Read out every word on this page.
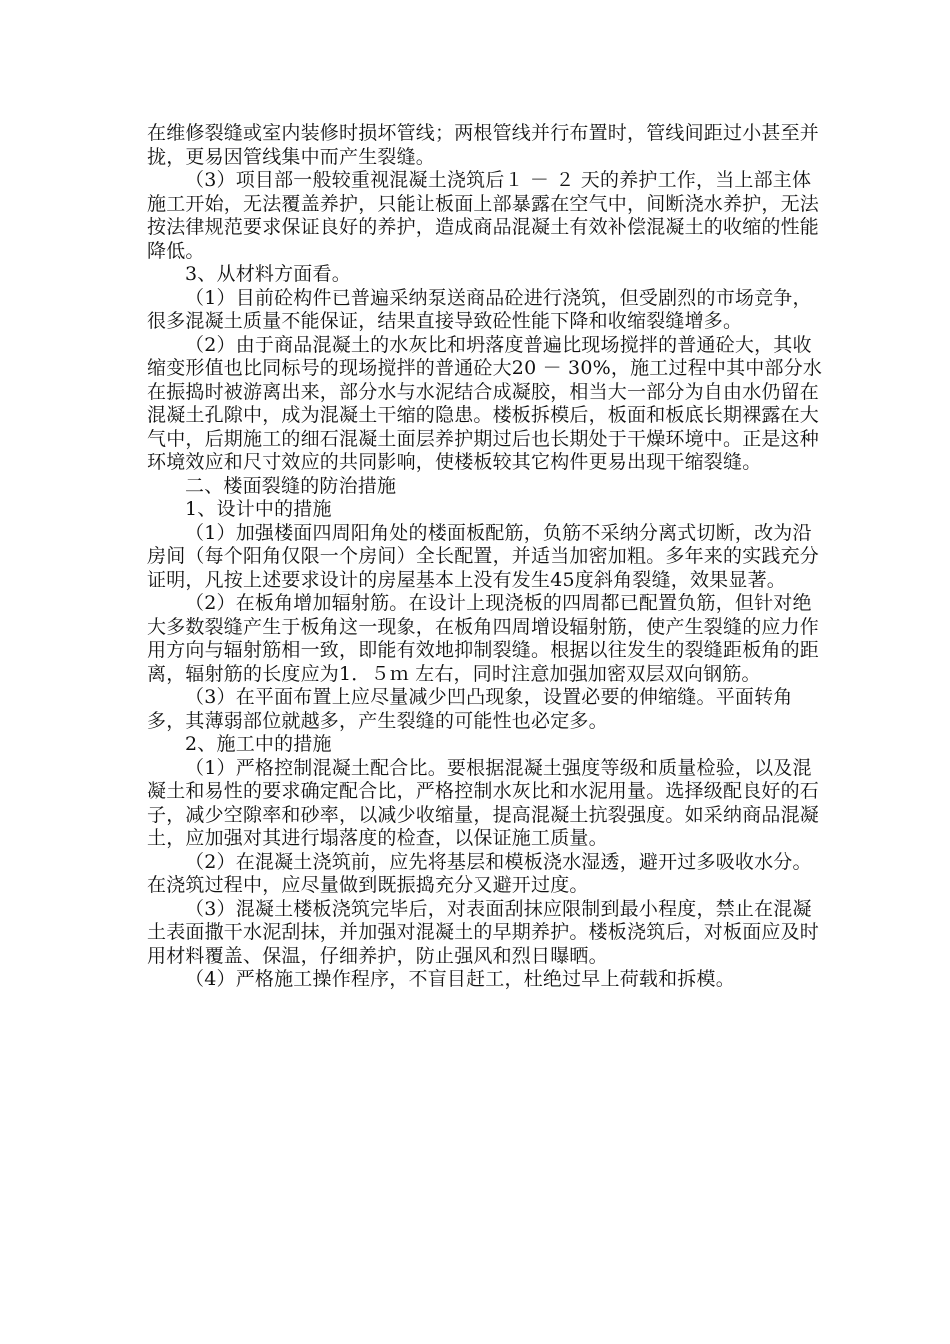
在维修裂缝或室内装修时损坏管线；两根管线并行布置时，管线间距过小甚至并拢，更易因管线集中而产生裂缝。

（3）项目部一般较重视混凝土浇筑后１ － ２ 天的养护工作，当上部主体施工开始，无法覆盖养护，只能让板面上部暴露在空气中，间断浇水养护，无法按法律规范要求保证良好的养护，造成商品混凝土有效补偿混凝土的收缩的性能降低。

3、从材料方面看。

（1）目前砼构件已普遍采纳泵送商品砼进行浇筑，但受剧烈的市场竞争，很多混凝土质量不能保证，结果直接导致砼性能下降和收缩裂缝增多。

（2）由于商品混凝土的水灰比和坍落度普遍比现场搅拌的普通砼大，其收缩变形值也比同标号的现场搅拌的普通砼大20 － 30%，施工过程中其中部分水在振捣时被游离出来，部分水与水泥结合成凝胶，相当大一部分为自由水仍留在混凝土孔隙中，成为混凝土干缩的隐患。楼板拆模后，板面和板底长期裸露在大气中，后期施工的细石混凝土面层养护期过后也长期处于干燥环境中。正是这种环境效应和尺寸效应的共同影响，使楼板较其它构件更易出现干缩裂缝。

二、楼面裂缝的防治措施

1、设计中的措施

（1）加强楼面四周阳角处的楼面板配筋，负筋不采纳分离式切断，改为沿房间（每个阳角仅限一个房间）全长配置，并适当加密加粗。多年来的实践充分证明，凡按上述要求设计的房屋基本上没有发生45度斜角裂缝，效果显著。

（2）在板角增加辐射筋。在设计上现浇板的四周都已配置负筋，但针对绝大多数裂缝产生于板角这一现象，在板角四周增设辐射筋，使产生裂缝的应力作用方向与辐射筋相一致，即能有效地抑制裂缝。根据以往发生的裂缝距板角的距离，辐射筋的长度应为1．５ｍ 左右，同时注意加强加密双层双向钢筋。

（3）在平面布置上应尽量减少凹凸现象，设置必要的伸缩缝。平面转角多，其薄弱部位就越多，产生裂缝的可能性也必定多。

2、施工中的措施

（1）严格控制混凝土配合比。要根据混凝土强度等级和质量检验，以及混凝土和易性的要求确定配合比，严格控制水灰比和水泥用量。选择级配良好的石子，减少空隙率和砂率，以减少收缩量，提高混凝土抗裂强度。如采纳商品混凝土，应加强对其进行塌落度的检查，以保证施工质量。

（2）在混凝土浇筑前，应先将基层和模板浇水湿透，避开过多吸收水分。在浇筑过程中，应尽量做到既振捣充分又避开过度。

（3）混凝土楼板浇筑完毕后，对表面刮抹应限制到最小程度，禁止在混凝土表面撒干水泥刮抹，并加强对混凝土的早期养护。楼板浇筑后，对板面应及时用材料覆盖、保温，仔细养护，防止强风和烈日曝晒。

（4）严格施工操作程序，不盲目赶工，杜绝过早上荷载和拆模。
